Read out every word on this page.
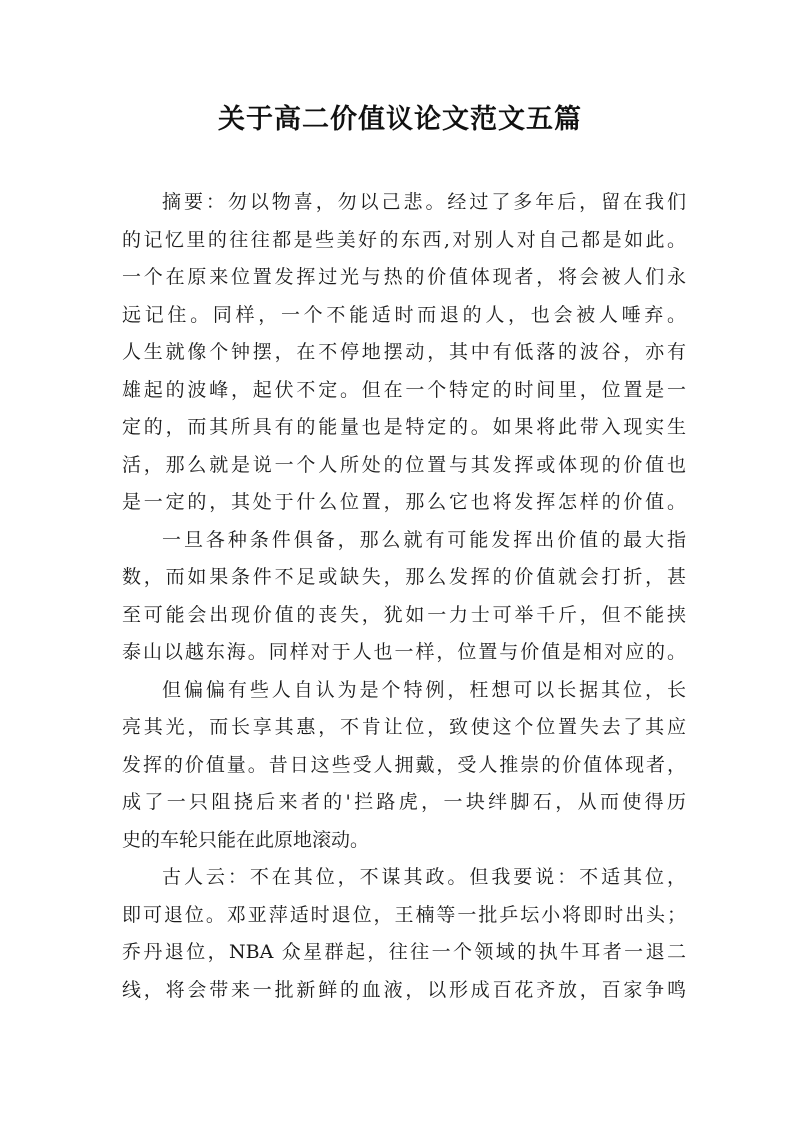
关于高二价值议论文范文五篇
摘要：勿以物喜，勿以己悲。经过了多年后，留在我们
的记忆里的往往都是些美好的东西,对别人对自己都是如此。
一个在原来位置发挥过光与热的价值体现者，将会被人们永
远记住。同样，一个不能适时而退的人，也会被人唾弃。
人生就像个钟摆，在不停地摆动，其中有低落的波谷，亦有
雄起的波峰，起伏不定。但在一个特定的时间里，位置是一
定的，而其所具有的能量也是特定的。如果将此带入现实生
活，那么就是说一个人所处的位置与其发挥或体现的价值也
是一定的，其处于什么位置，那么它也将发挥怎样的价值。
一旦各种条件俱备，那么就有可能发挥出价值的最大指
数，而如果条件不足或缺失，那么发挥的价值就会打折，甚
至可能会出现价值的丧失，犹如一力士可举千斤，但不能挟
泰山以越东海。同样对于人也一样，位置与价值是相对应的。
但偏偏有些人自认为是个特例，枉想可以长据其位，长
亮其光，而长享其惠，不肯让位，致使这个位置失去了其应
发挥的价值量。昔日这些受人拥戴，受人推崇的价值体现者，
成了一只阻挠后来者的'拦路虎，一块绊脚石，从而使得历
史的车轮只能在此原地滚动。
古人云：不在其位，不谋其政。但我要说：不适其位，
即可退位。邓亚萍适时退位，王楠等一批乒坛小将即时出头；
乔丹退位，NBA 众星群起，往往一个领域的执牛耳者一退二
线，将会带来一批新鲜的血液，以形成百花齐放，百家争鸣
